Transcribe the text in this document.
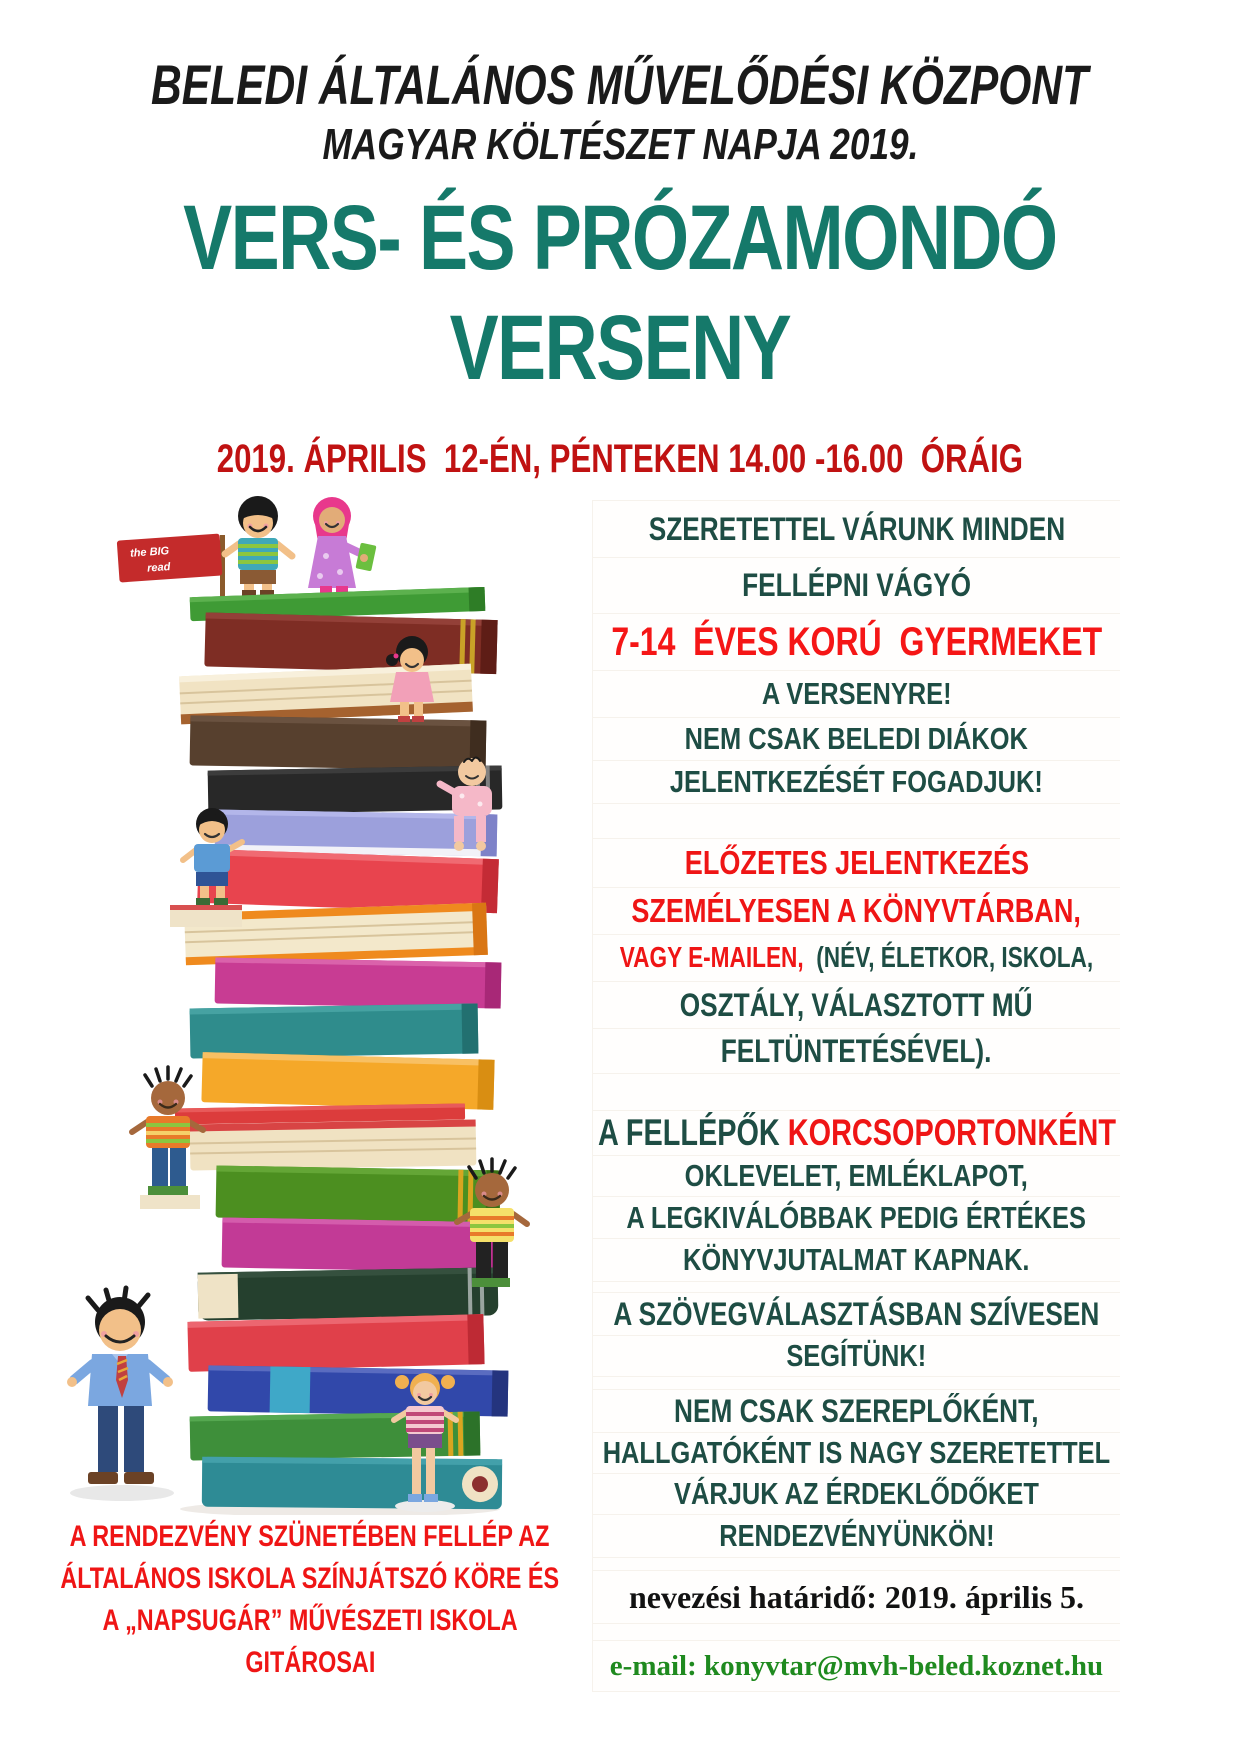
BELEDI ÁLTALÁNOS MŰVELŐDÉSI KÖZPONT
MAGYAR KÖLTÉSZET NAPJA 2019.
VERS- ÉS PRÓZAMONDÓ
VERSENY
2019. ÁPRILIS  12-ÉN, PÉNTEKEN 14.00 -16.00  ÓRÁIG
the BIG
read
SZERETETTEL VÁRUNK MINDEN
FELLÉPNI VÁGYÓ
7-14  ÉVES KORÚ  GYERMEKET
A VERSENYRE!
NEM CSAK BELEDI DIÁKOK
JELENTKEZÉSÉT FOGADJUK!
ELŐZETES JELENTKEZÉS
SZEMÉLYESEN A KÖNYVTÁRBAN,
VAGY E-MAILEN,  (NÉV, ÉLETKOR, ISKOLA,
OSZTÁLY, VÁLASZTOTT MŰ
FELTÜNTETÉSÉVEL).
A FELLÉPŐK KORCSOPORTONKÉNT
OKLEVELET, EMLÉKLAPOT,
A LEGKIVÁLÓBBAK PEDIG ÉRTÉKES
KÖNYVJUTALMAT KAPNAK.
A SZÖVEGVÁLASZTÁSBAN SZÍVESEN
SEGÍTÜNK!
NEM CSAK SZEREPLŐKÉNT,
HALLGATÓKÉNT IS NAGY SZERETETTEL
VÁRJUK AZ ÉRDEKLŐDŐKET
RENDEZVÉNYÜNKÖN!
nevezési határidő: 2019. április 5.
e-mail: konyvtar@mvh-beled.koznet.hu
A RENDEZVÉNY SZÜNETÉBEN FELLÉP AZ
ÁLTALÁNOS ISKOLA SZÍNJÁTSZÓ KÖRE ÉS
A „NAPSUGÁR” MŰVÉSZETI ISKOLA
GITÁROSAI
